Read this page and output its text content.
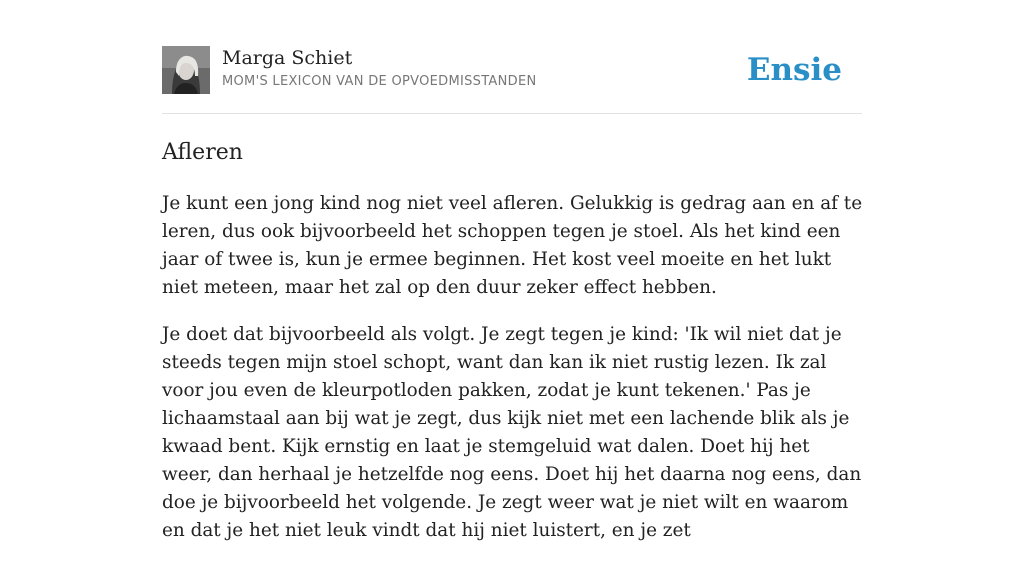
Marga Schiet
MOM'S LEXICON VAN DE OPVOEDMISSTANDEN	Ensie
Afleren

Je kunt een jong kind nog niet veel afleren. Gelukkig is gedrag aan en af te leren, dus ook bijvoorbeeld het schoppen tegen je stoel. Als het kind een jaar of twee is, kun je ermee beginnen. Het kost veel moeite en het lukt niet meteen, maar het zal op den duur zeker effect hebben.

Je doet dat bijvoorbeeld als volgt. Je zegt tegen je kind: 'Ik wil niet dat je steeds tegen mijn stoel schopt, want dan kan ik niet rustig lezen. Ik zal voor jou even de kleurpotloden pakken, zodat je kunt tekenen.' Pas je lichaamstaal aan bij wat je zegt, dus kijk niet met een lachende blik als je kwaad bent. Kijk ernstig en laat je stemgeluid wat dalen. Doet hij het weer, dan herhaal je hetzelfde nog eens. Doet hij het daarna nog eens, dan doe je bijvoorbeeld het volgende. Je zegt weer wat je niet wilt en waarom en dat je het niet leuk vindt dat hij niet luistert, en je zet
